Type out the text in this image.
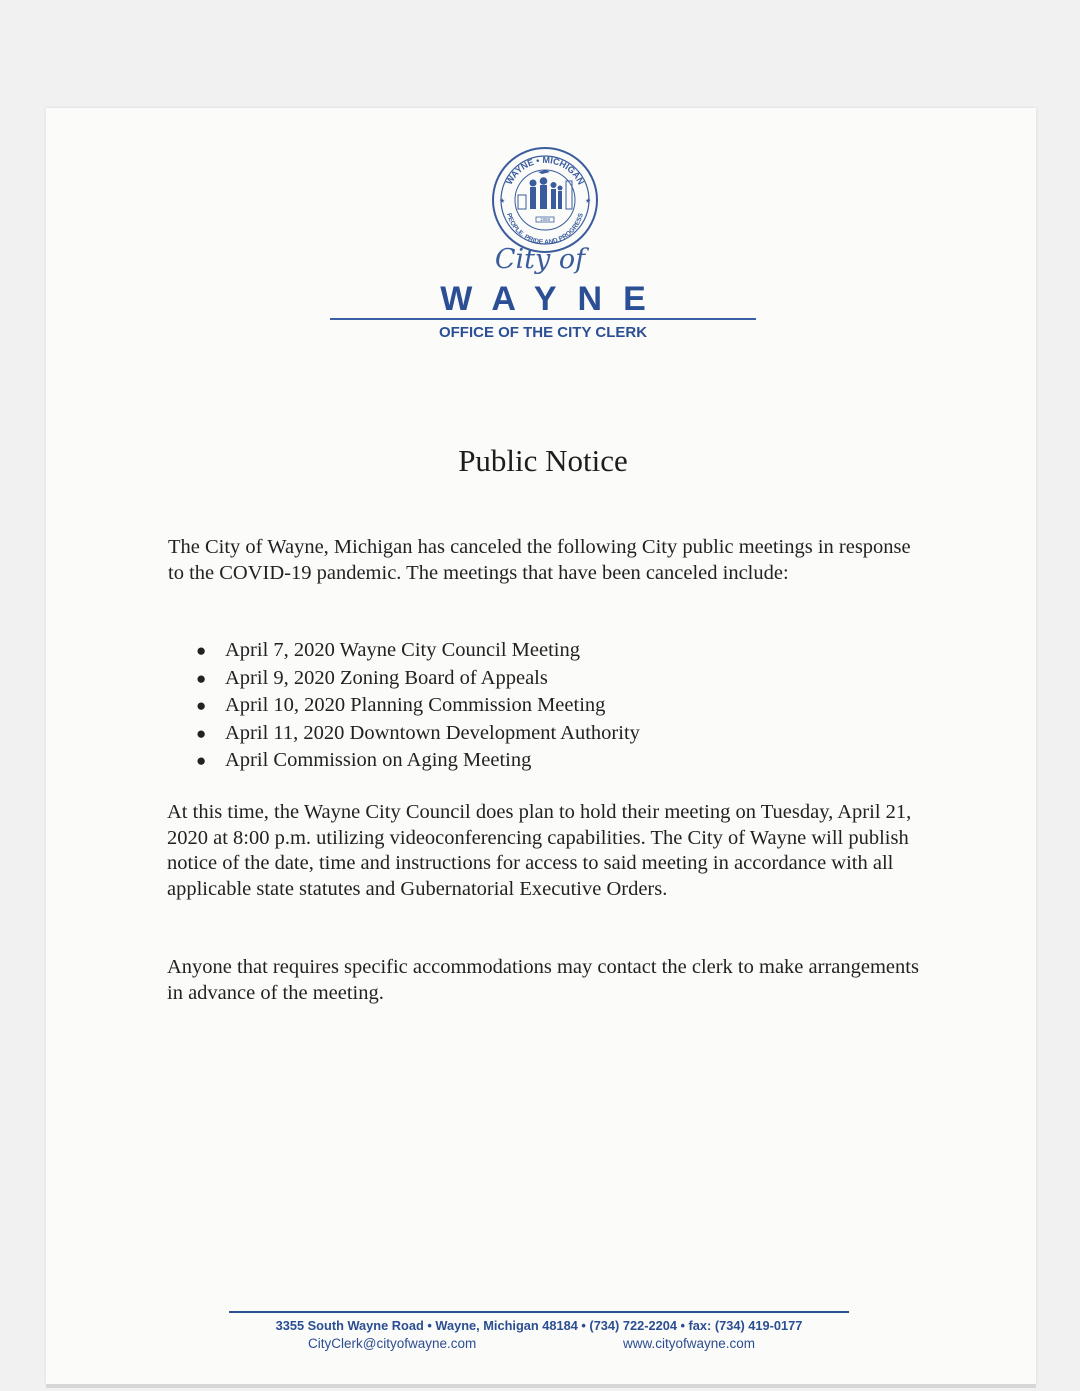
WAYNE • MICHIGAN
PEOPLE, PRIDE AND PROGRESS
1869
★	★
City of
WAYNE
OFFICE OF THE CITY CLERK
Public Notice

The City of Wayne, Michigan has canceled the following City public meetings in response to the COVID-19 pandemic. The meetings that have been canceled include:

● April 7, 2020 Wayne City Council Meeting
● April 9, 2020 Zoning Board of Appeals
● April 10, 2020 Planning Commission Meeting
● April 11, 2020 Downtown Development Authority
● April Commission on Aging Meeting

At this time, the Wayne City Council does plan to hold their meeting on Tuesday, April 21, 2020 at 8:00 p.m. utilizing videoconferencing capabilities. The City of Wayne will publish notice of the date, time and instructions for access to said meeting in accordance with all applicable state statutes and Gubernatorial Executive Orders.

Anyone that requires specific accommodations may contact the clerk to make arrangements in advance of the meeting.

3355 South Wayne Road • Wayne, Michigan 48184 • (734) 722-2204 • fax: (734) 419-0177
CityClerk@cityofwayne.com	www.cityofwayne.com
